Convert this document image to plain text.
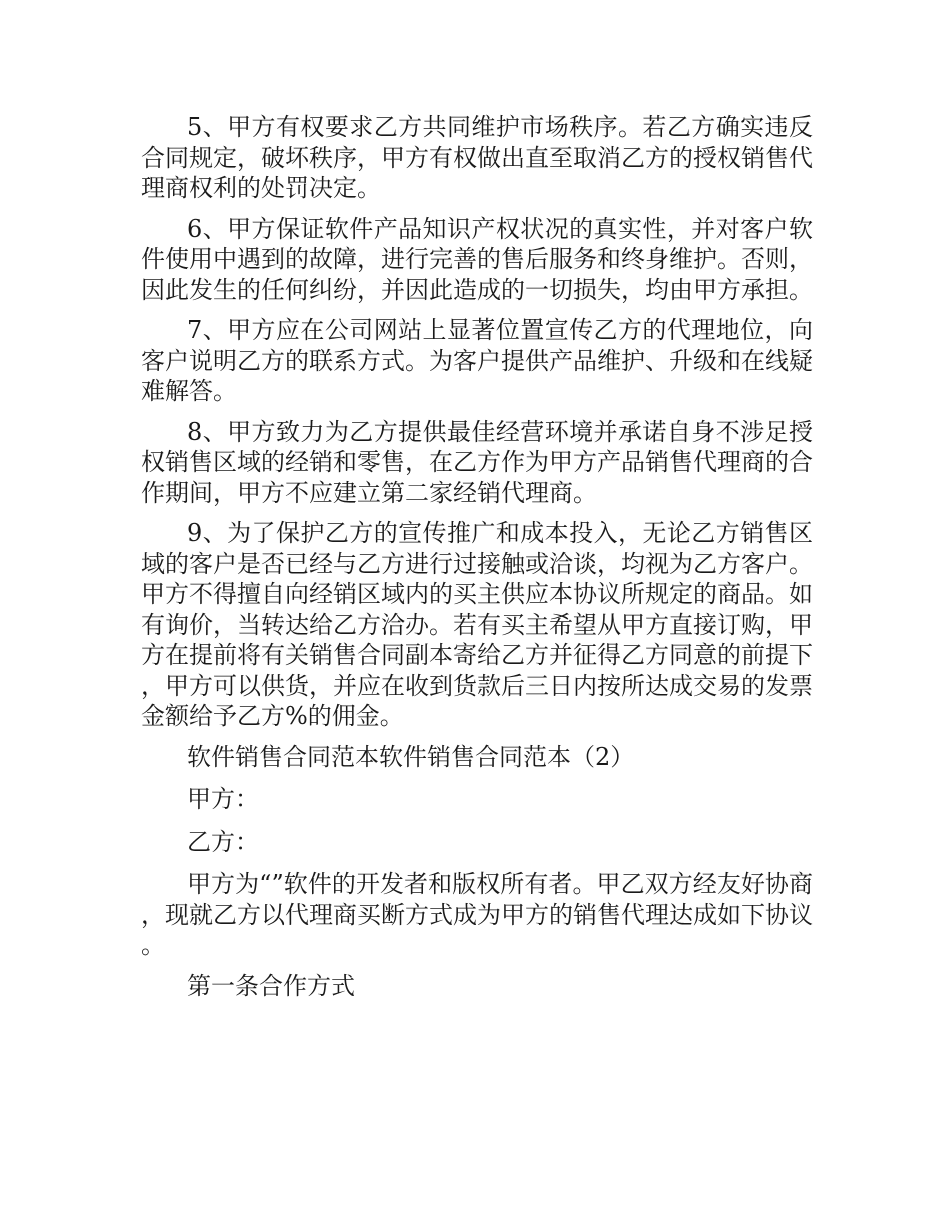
5、甲方有权要求乙方共同维护市场秩序。若乙方确实违反合同规定，破坏秩序，甲方有权做出直至取消乙方的授权销售代理商权利的处罚决定。

6、甲方保证软件产品知识产权状况的真实性，并对客户软件使用中遇到的故障，进行完善的售后服务和终身维护。否则，因此发生的任何纠纷，并因此造成的一切损失，均由甲方承担。

7、甲方应在公司网站上显著位置宣传乙方的代理地位，向客户说明乙方的联系方式。为客户提供产品维护、升级和在线疑难解答。

8、甲方致力为乙方提供最佳经营环境并承诺自身不涉足授权销售区域的经销和零售，在乙方作为甲方产品销售代理商的合作期间，甲方不应建立第二家经销代理商。

9、为了保护乙方的宣传推广和成本投入，无论乙方销售区域的客户是否已经与乙方进行过接触或洽谈，均视为乙方客户。甲方不得擅自向经销区域内的买主供应本协议所规定的商品。如有询价，当转达给乙方洽办。若有买主希望从甲方直接订购，甲方在提前将有关销售合同副本寄给乙方并征得乙方同意的前提下，甲方可以供货，并应在收到货款后三日内按所达成交易的发票金额给予乙方%的佣金。

软件销售合同范本软件销售合同范本（2）

甲方：

乙方：

甲方为“”软件的开发者和版权所有者。甲乙双方经友好协商，现就乙方以代理商买断方式成为甲方的销售代理达成如下协议。

第一条合作方式
